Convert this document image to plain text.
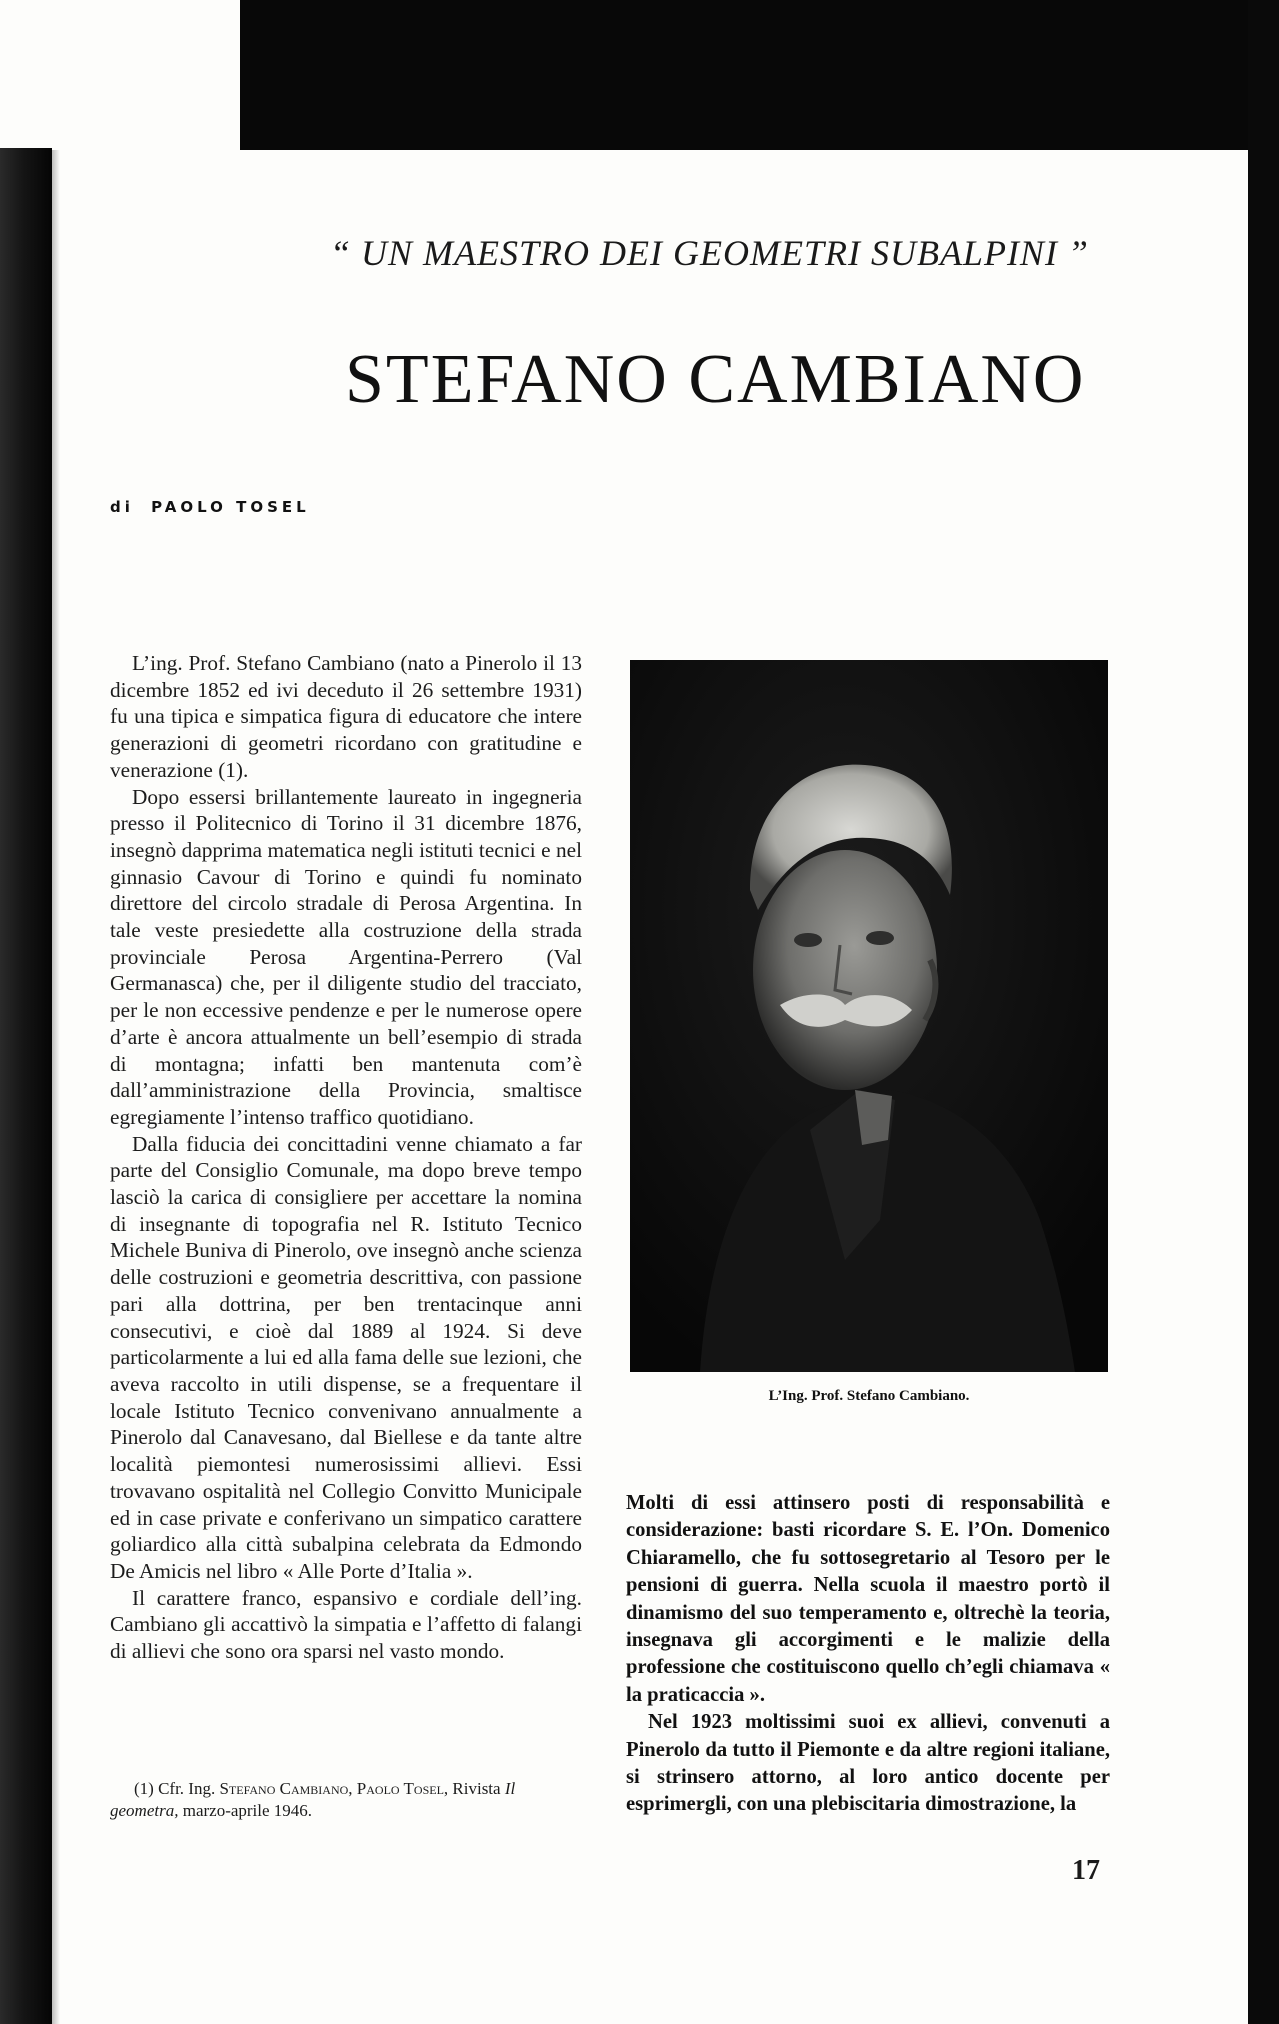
“ UN MAESTRO DEI GEOMETRI SUBALPINI ”
STEFANO CAMBIANO
di PAOLO TOSEL

L’ing. Prof. Stefano Cambiano (nato a Pinerolo il 13 dicembre 1852 ed ivi deceduto il 26 settembre 1931) fu una tipica e simpatica figura di educatore che intere generazioni di geometri ricordano con gratitudine e venerazione (1).

Dopo essersi brillantemente laureato in ingegneria presso il Politecnico di Torino il 31 dicembre 1876, insegnò dapprima matematica negli istituti tecnici e nel ginnasio Cavour di Torino e quindi fu nominato direttore del circolo stradale di Perosa Argentina. In tale veste presiedette alla costruzione della strada provinciale Perosa Argentina-Perrero (Val Germanasca) che, per il diligente studio del tracciato, per le non eccessive pendenze e per le numerose opere d’arte è ancora attualmente un bell’esempio di strada di montagna; infatti ben mantenuta com’è dall’amministrazione della Provincia, smaltisce egregiamente l’intenso traffico quotidiano.

Dalla fiducia dei concittadini venne chiamato a far parte del Consiglio Comunale, ma dopo breve tempo lasciò la carica di consigliere per accettare la nomina di insegnante di topografia nel R. Istituto Tecnico Michele Buniva di Pinerolo, ove insegnò anche scienza delle costruzioni e geometria descrittiva, con passione pari alla dottrina, per ben trentacinque anni consecutivi, e cioè dal 1889 al 1924. Si deve particolarmente a lui ed alla fama delle sue lezioni, che aveva raccolto in utili dispense, se a frequentare il locale Istituto Tecnico convenivano annualmente a Pinerolo dal Canavesano, dal Biellese e da tante altre località piemontesi numerosissimi allievi. Essi trovavano ospitalità nel Collegio Convitto Municipale ed in case private e conferivano un simpatico carattere goliardico alla città subalpina celebrata da Edmondo De Amicis nel libro « Alle Porte d’Italia ».

Il carattere franco, espansivo e cordiale dell’ing. Cambiano gli accattivò la simpatia e l’affetto di falangi di allievi che sono ora sparsi nel vasto mondo.

(1) Cfr. Ing. Stefano Cambiano, Paolo Tosel, Rivista Il geometra, marzo-aprile 1946.
L’Ing. Prof. Stefano Cambiano.

Molti di essi attinsero posti di responsabilità e considerazione: basti ricordare S. E. l’On. Domenico Chiaramello, che fu sottosegretario al Tesoro per le pensioni di guerra. Nella scuola il maestro portò il dinamismo del suo temperamento e, oltrechè la teoria, insegnava gli accorgimenti e le malizie della professione che costituiscono quello ch’egli chiamava « la praticaccia ».

Nel 1923 moltissimi suoi ex allievi, convenuti a Pinerolo da tutto il Piemonte e da altre regioni italiane, si strinsero attorno, al loro antico docente per esprimergli, con una plebiscitaria dimostrazione, la

17
